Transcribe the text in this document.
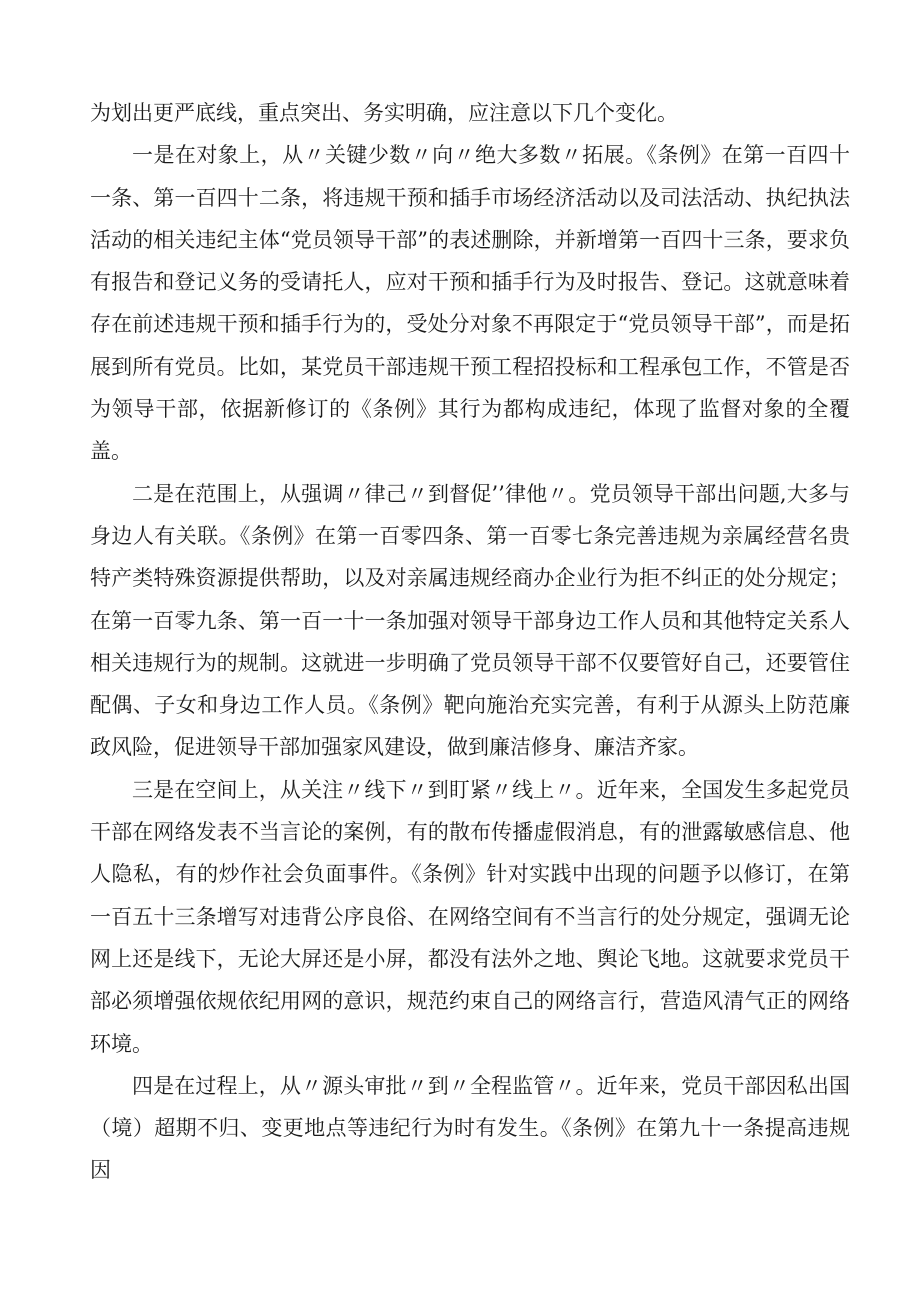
为划出更严底线，重点突出、务实明确，应注意以下几个变化。

一是在对象上，从〃关键少数〃向〃绝大多数〃拓展。《条例》在第一百四十一条、第一百四十二条，将违规干预和插手市场经济活动以及司法活动、执纪执法活动的相关违纪主体“党员领导干部”的表述删除，并新增第一百四十三条，要求负有报告和登记义务的受请托人，应对干预和插手行为及时报告、登记。这就意味着存在前述违规干预和插手行为的，受处分对象不再限定于“党员领导干部”，而是拓展到所有党员。比如，某党员干部违规干预工程招投标和工程承包工作，不管是否为领导干部，依据新修订的《条例》其行为都构成违纪，体现了监督对象的全覆盖。

二是在范围上，从强调〃律己〃到督促’’律他〃。党员领导干部出问题,大多与身边人有关联。《条例》在第一百零四条、第一百零七条完善违规为亲属经营名贵特产类特殊资源提供帮助，以及对亲属违规经商办企业行为拒不纠正的处分规定；在第一百零九条、第一百一十一条加强对领导干部身边工作人员和其他特定关系人相关违规行为的规制。这就进一步明确了党员领导干部不仅要管好自己，还要管住配偶、子女和身边工作人员。《条例》靶向施治充实完善，有利于从源头上防范廉政风险，促进领导干部加强家风建设，做到廉洁修身、廉洁齐家。

三是在空间上，从关注〃线下〃到盯紧〃线上〃。近年来，全国发生多起党员干部在网络发表不当言论的案例，有的散布传播虚假消息，有的泄露敏感信息、他人隐私，有的炒作社会负面事件。《条例》针对实践中出现的问题予以修订，在第一百五十三条增写对违背公序良俗、在网络空间有不当言行的处分规定，强调无论网上还是线下，无论大屏还是小屏，都没有法外之地、舆论飞地。这就要求党员干部必须增强依规依纪用网的意识，规范约束自己的网络言行，营造风清气正的网络环境。

四是在过程上，从〃源头审批〃到〃全程监管〃。近年来，党员干部因私出国（境）超期不归、变更地点等违纪行为时有发生。《条例》在第九十一条提高违规因
